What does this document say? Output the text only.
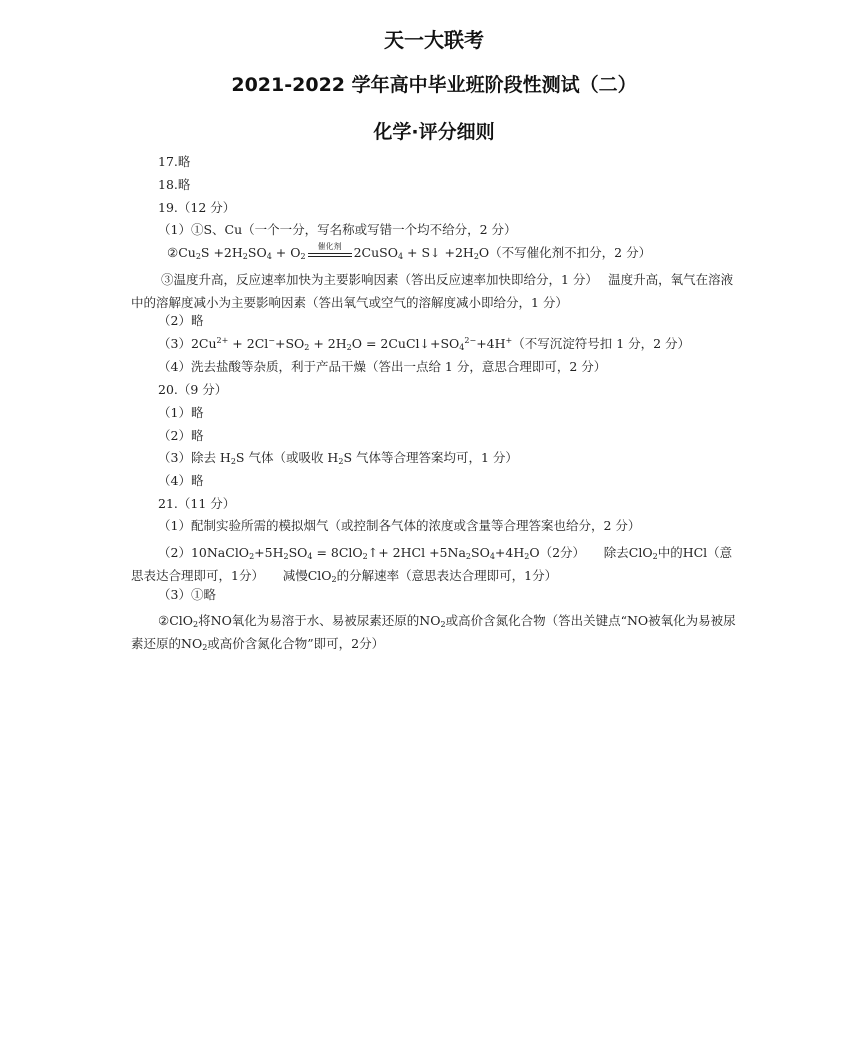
天一大联考
2021-2022 学年高中毕业班阶段性测试（二）
化学·评分细则
17.略
18.略
19.（12 分）
（1）①S、Cu（一个一分，写名称或写错一个均不给分，2 分）
$②Cu_2S +2H_2SO_4 + O_2$
催化剂 2CuSO$_4$ + S↓ $+2H_2O$（不写催化剂不扣分，2 分）
③温度升高，反应速率加快为主要影响因素（答出反应速率加快即给分，1 分）　 温度升高，氧气在溶液中的溶解度减小为主要影响因素（答出氧气或空气的溶解度减小即给分，1 分）
（2）略
$(3)2Cu^{2+} + 2Cl^-+SO_2 + 2H_2O$ = $2CuCl↓+SO_4^{2-}+4H^+$（不写沉淀符号扣 1 分，2 分）
（4）洗去盐酸等杂质，利于产品干燥（答出一点给 1 分，意思合理即可，2 分）
20.（9 分）
（1）略
（2）略
（3）除去 $H_2S$ 气体（或吸收 $H_2S$ 气体等合理答案均可，1 分）
（4）略
21.（11 分）
（1）配制实验所需的模拟烟气（或控制各气体的浓度或含量等合理答案也给分，2 分）
$(2)10NaClO_2+5H_2SO_4$ = 8ClO$_2$↑+ $2HCl +5Na_2SO_4+4H_2O(2$分）　　除去ClO$_2$中的HCl（意思表达合理即可，1分）　　减慢ClO$_2$的分解速率（意思表达合理即可，1分）
（3）①略
②ClO$_2$将NO氧化为易溶于水、易被尿素还原的$NO_2$或高价含氮化合物（答出关键点“NO被氧化为易被尿素还原的$NO_2$或高价含氮化合物”即可，2分）
